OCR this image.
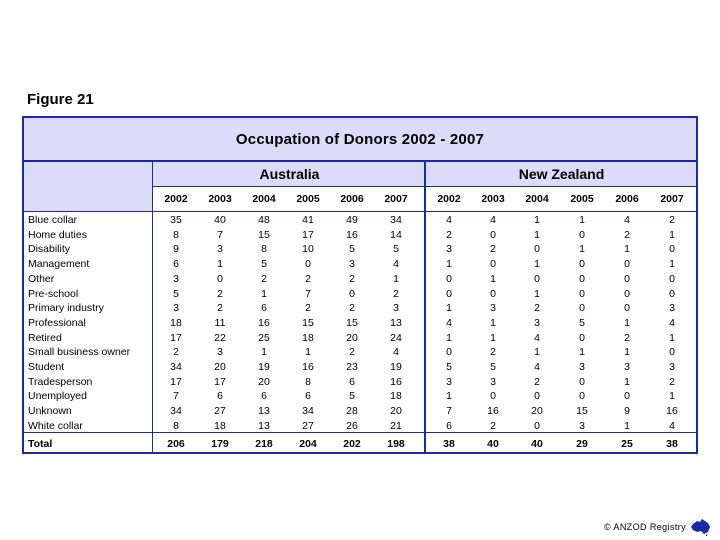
Figure 21
Occupation of Donors 2002 - 2007
Australia	New Zealand
2002	2003	2004	2005	2006	2007	2002	2003	2004	2005	2006	2007
Blue collar	35	40	48	41	49	34	4	4	1	1	4	2
Home duties	8	7	15	17	16	14	2	0	1	0	2	1
Disability	9	3	8	10	5	5	3	2	0	1	1	0
Management	6	1	5	0	3	4	1	0	1	0	0	1
Other	3	0	2	2	2	1	0	1	0	0	0	0
Pre-school	5	2	1	7	0	2	0	0	1	0	0	0
Primary industry	3	2	6	2	2	3	1	3	2	0	0	3
Professional	18	11	16	15	15	13	4	1	3	5	1	4
Retired	17	22	25	18	20	24	1	1	4	0	2	1
Small business owner	2	3	1	1	2	4	0	2	1	1	1	0
Student	34	20	19	16	23	19	5	5	4	3	3	3
Tradesperson	17	17	20	8	6	16	3	3	2	0	1	2
Unemployed	7	6	6	6	5	18	1	0	0	0	0	1
Unknown	34	27	13	34	28	20	7	16	20	15	9	16
White collar	8	18	13	27	26	21	6	2	0	3	1	4
Total	206	179	218	204	202	198	38	40	40	29	25	38
© ANZOD Registry
